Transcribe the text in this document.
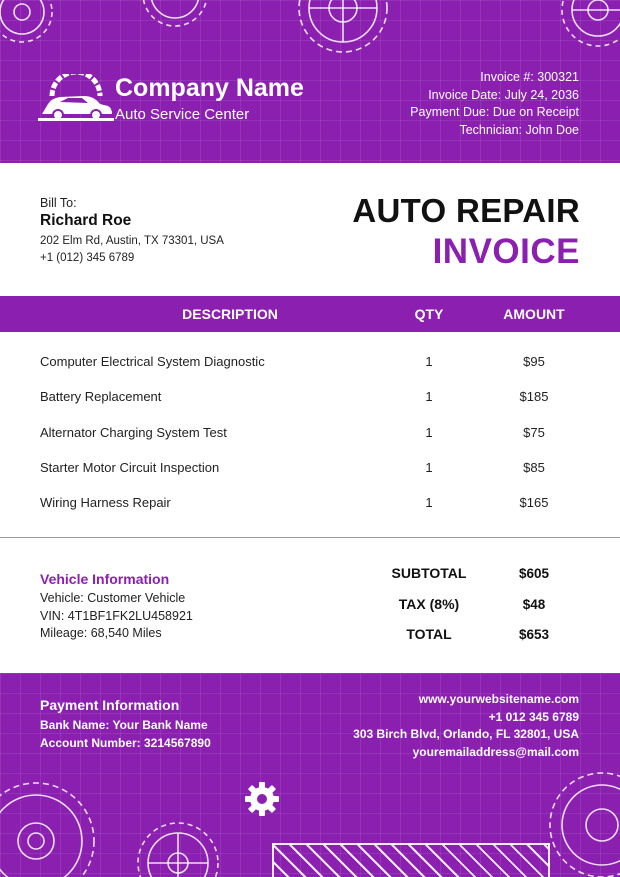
Company Name
Auto Service Center
Invoice #: 300321
Invoice Date: July 24, 2036
Payment Due: Due on Receipt
Technician: John Doe
Bill To:
Richard Roe
202 Elm Rd, Austin, TX 73301, USA
+1 (012) 345 6789
AUTO REPAIR
INVOICE
DESCRIPTION	QTY	AMOUNT
Computer Electrical System Diagnostic	1	$95
Battery Replacement	1	$185
Alternator Charging System Test	1	$75
Starter Motor Circuit Inspection	1	$85
Wiring Harness Repair	1	$165
Vehicle Information
Vehicle: Customer Vehicle
VIN: 4T1BF1FK2LU458921
Mileage: 68,540 Miles
SUBTOTAL	$605
TAX (8%)	$48
TOTAL	$653
Payment Information
Bank Name: Your Bank Name
Account Number: 3214567890
www.yourwebsitename.com
+1 012 345 6789
303 Birch Blvd, Orlando, FL 32801, USA
youremailaddress@mail.com
